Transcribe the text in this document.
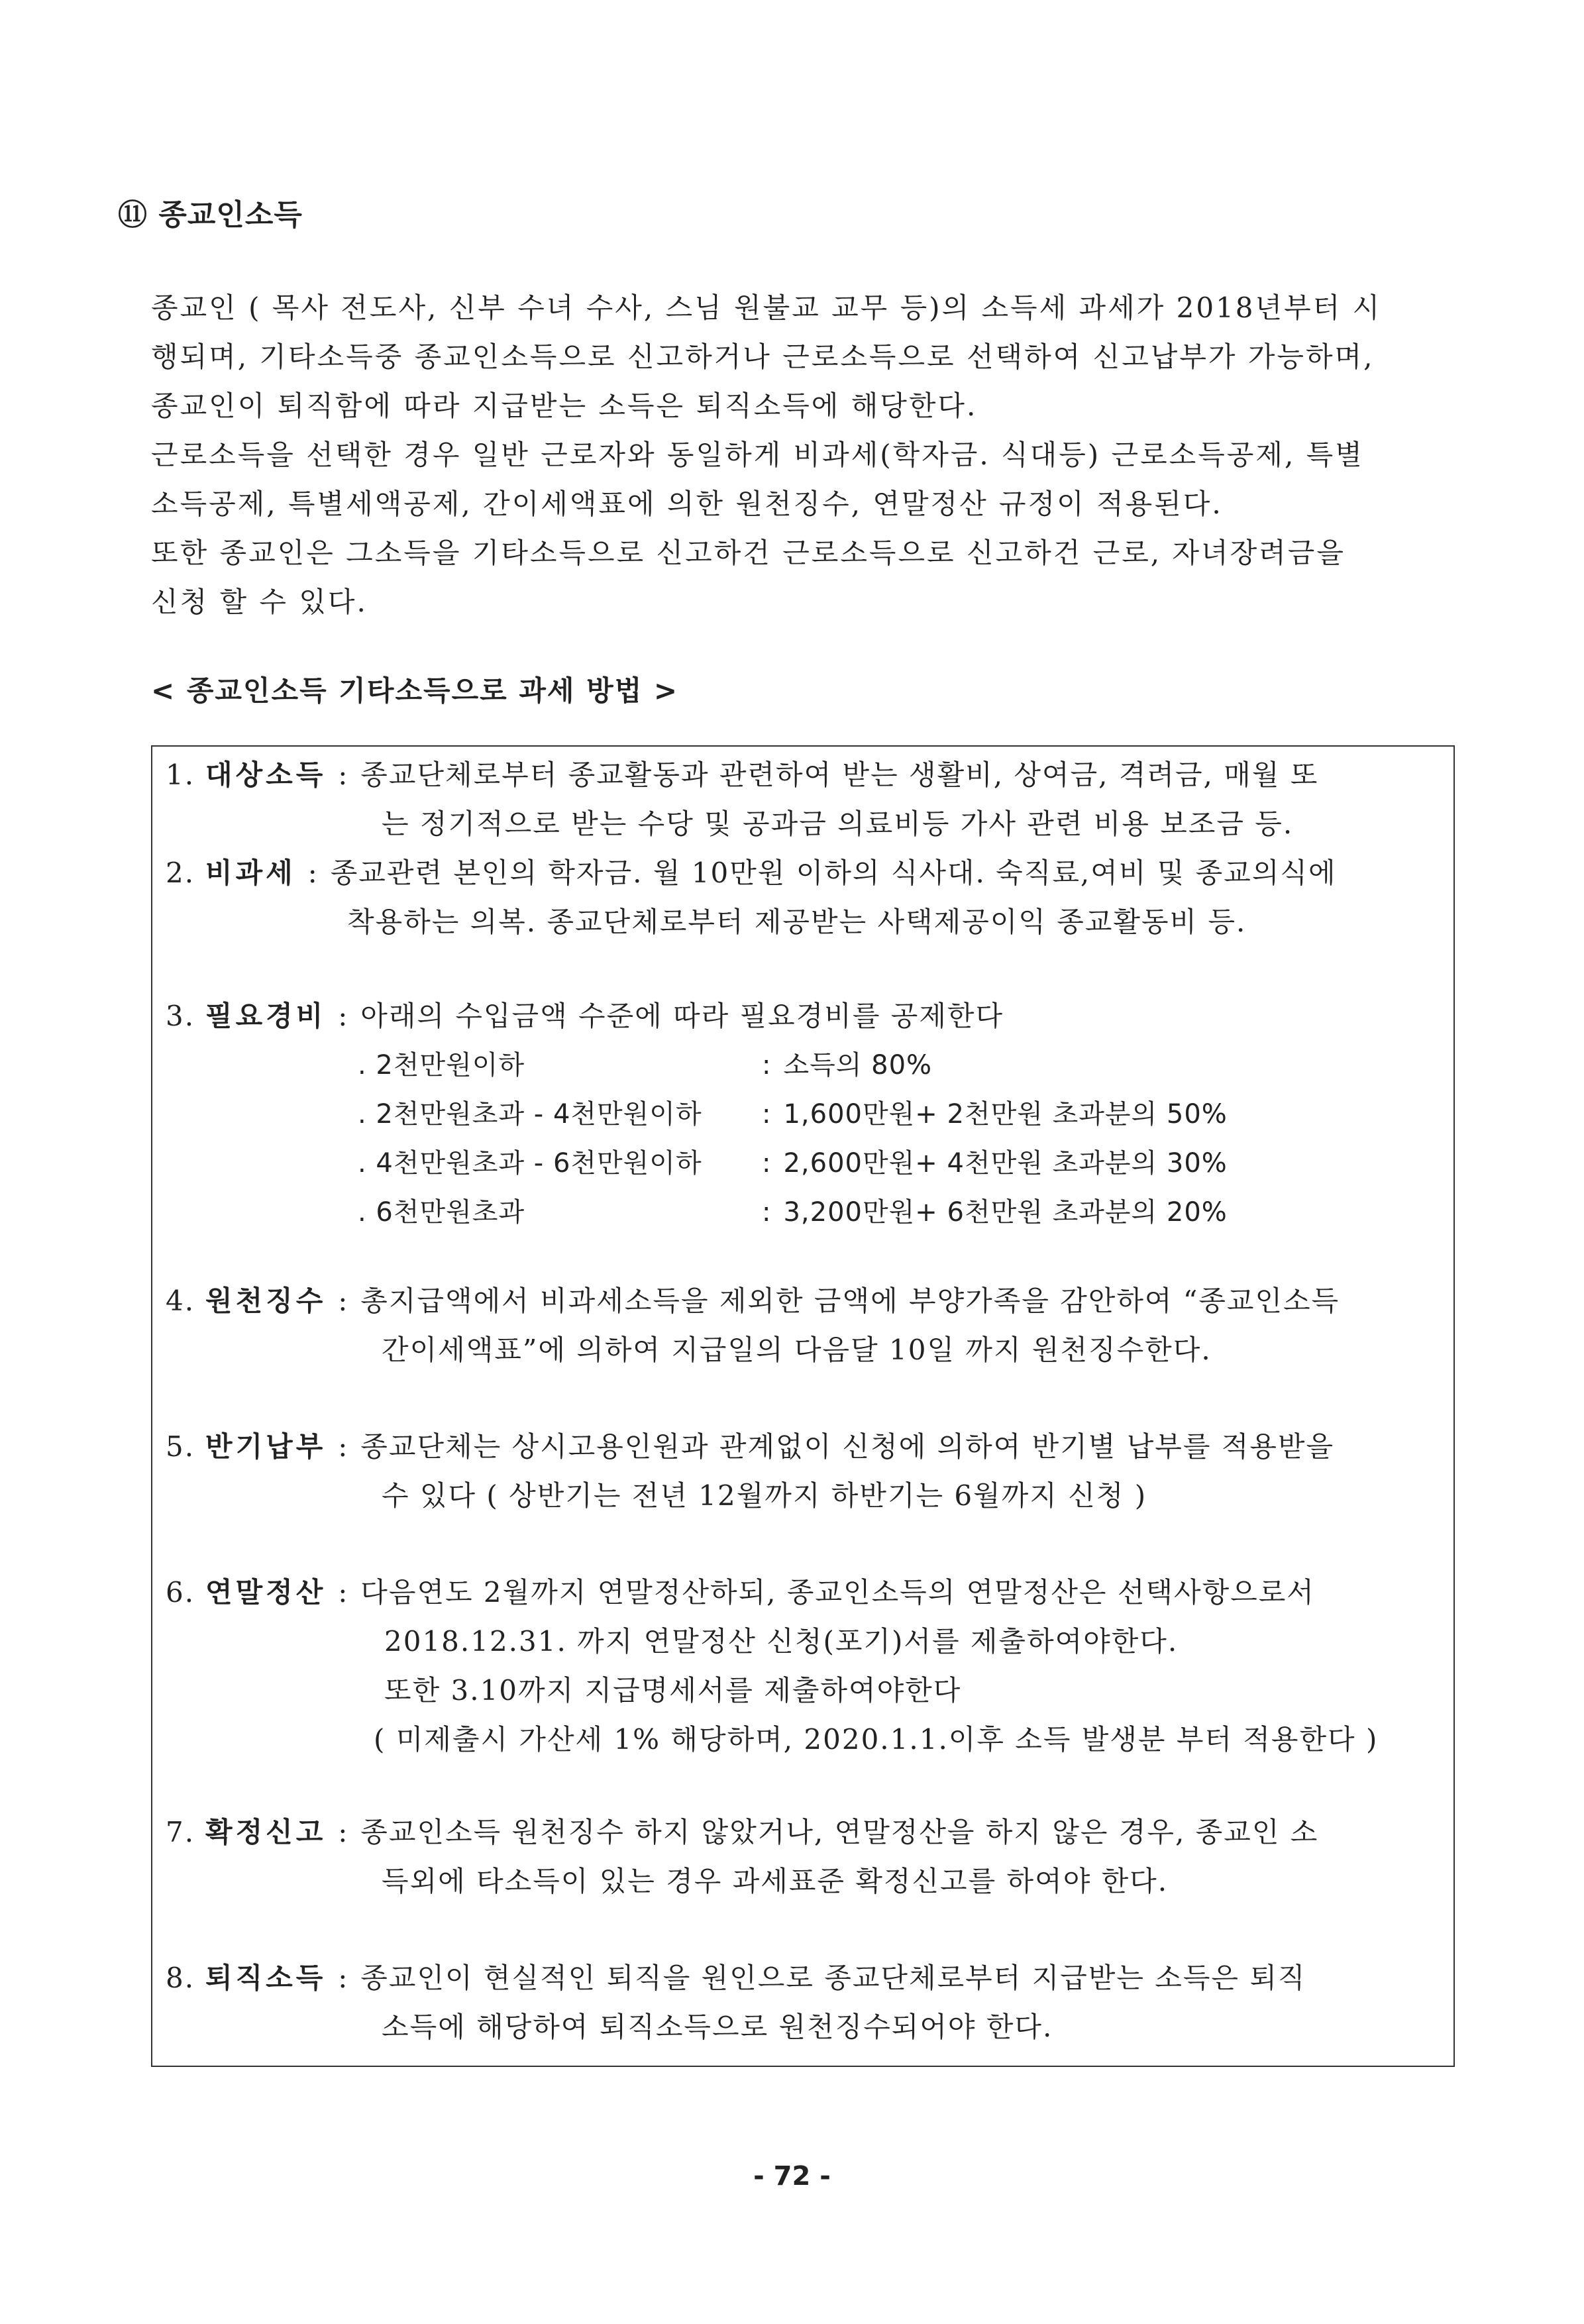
⑪ 종교인소득

종교인 ( 목사 전도사, 신부 수녀 수사, 스님 원불교 교무 등)의 소득세 과세가 2018년부터 시

행되며, 기타소득중 종교인소득으로 신고하거나 근로소득으로 선택하여 신고납부가 가능하며,

종교인이 퇴직함에 따라 지급받는 소득은 퇴직소득에 해당한다.

근로소득을 선택한 경우 일반 근로자와 동일하게 비과세(학자금. 식대등) 근로소득공제, 특별

소득공제, 특별세액공제, 간이세액표에 의한 원천징수, 연말정산 규정이 적용된다.

또한 종교인은 그소득을 기타소득으로 신고하건 근로소득으로 신고하건 근로, 자녀장려금을

신청 할 수 있다.

< 종교인소득 기타소득으로 과세 방법 >
1. 대상소득 : 종교단체로부터 종교활동과 관련하여 받는 생활비, 상여금, 격려금, 매월 또
는 정기적으로 받는 수당 및 공과금 의료비등 가사 관련 비용 보조금 등.
2. 비과세 : 종교관련 본인의 학자금. 월 10만원 이하의 식사대. 숙직료,여비 및 종교의식에
착용하는 의복. 종교단체로부터 제공받는 사택제공이익 종교활동비 등.
3. 필요경비 : 아래의 수입금액 수준에 따라 필요경비를 공제한다
. 2천만원이하	: 소득의 80%
. 2천만원초과 - 4천만원이하	: 1,600만원+ 2천만원 초과분의 50%
. 4천만원초과 - 6천만원이하	: 2,600만원+ 4천만원 초과분의 30%
. 6천만원초과	: 3,200만원+ 6천만원 초과분의 20%
4. 원천징수 : 총지급액에서 비과세소득을 제외한 금액에 부양가족을 감안하여 “종교인소득
간이세액표”에 의하여 지급일의 다음달 10일 까지 원천징수한다.
5. 반기납부 : 종교단체는 상시고용인원과 관계없이 신청에 의하여 반기별 납부를 적용받을
수 있다 ( 상반기는 전년 12월까지 하반기는 6월까지 신청 )
6. 연말정산 : 다음연도 2월까지 연말정산하되, 종교인소득의 연말정산은 선택사항으로서
2018.12.31. 까지 연말정산 신청(포기)서를 제출하여야한다.
또한 3.10까지 지급명세서를 제출하여야한다
( 미제출시 가산세 1% 해당하며, 2020.1.1.이후 소득 발생분 부터 적용한다 )
7. 확정신고 : 종교인소득 원천징수 하지 않았거나, 연말정산을 하지 않은 경우, 종교인 소
득외에 타소득이 있는 경우 과세표준 확정신고를 하여야 한다.
8. 퇴직소득 : 종교인이 현실적인 퇴직을 원인으로 종교단체로부터 지급받는 소득은 퇴직
소득에 해당하여 퇴직소득으로 원천징수되어야 한다.
- 72 -
